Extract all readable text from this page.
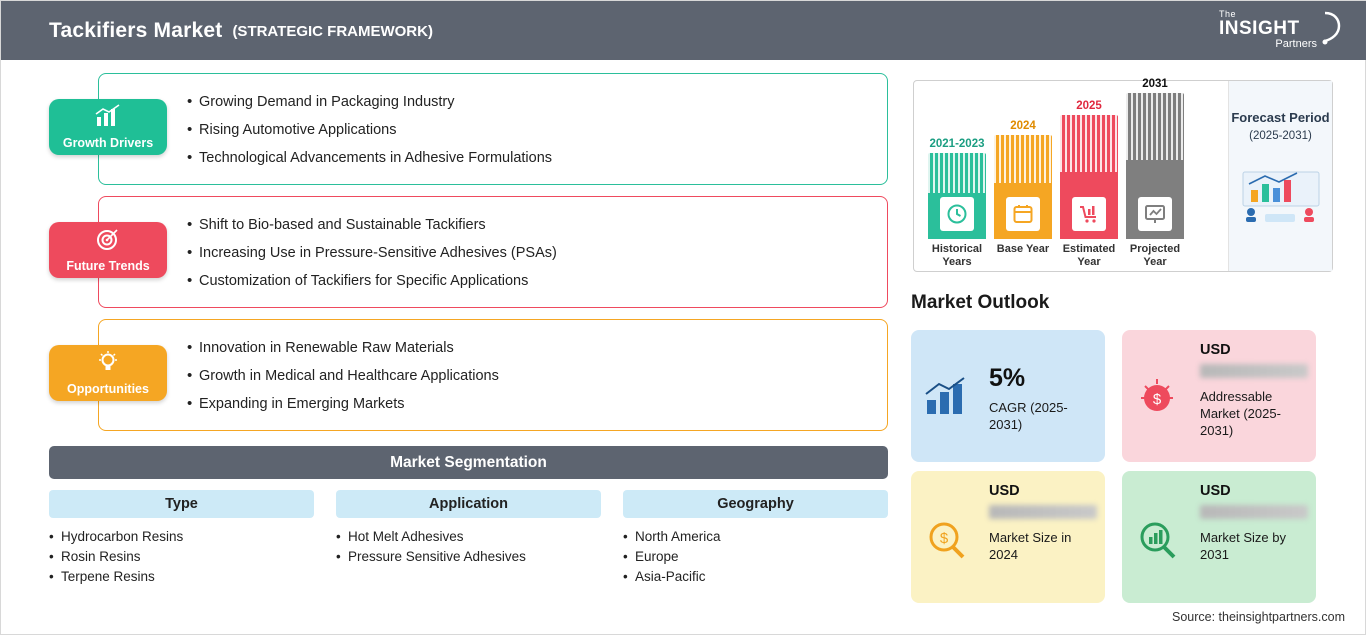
Tackifiers Market (STRATEGIC FRAMEWORK)
The
INSIGHT
Partners
• Growing Demand in Packaging Industry
• Rising Automotive Applications
• Technological Advancements in Adhesive Formulations
Growth Drivers
• Shift to Bio-based and Sustainable Tackifiers
• Increasing Use in Pressure-Sensitive Adhesives (PSAs)
• Customization of Tackifiers for Specific Applications
Future Trends
• Innovation in Renewable Raw Materials
• Growth in Medical and Healthcare Applications
• Expanding in Emerging Markets
Opportunities
Market Segmentation
Type
• Hydrocarbon Resins
• Rosin Resins
• Terpene Resins
Application
• Hot Melt Adhesives
• Pressure Sensitive Adhesives
Geography
• North America
• Europe
• Asia-Pacific
2021-2023
Historical Years
2024
Base Year
2025
Estimated Year
2031
Projected Year
Forecast Period
(2025-2031)
Market Outlook
5%
CAGR (2025-2031)
USD
$	Addressable Market (2025-2031)
USD
$	Market Size in 2024
USD
Market Size by 2031
Source: theinsightpartners.com
